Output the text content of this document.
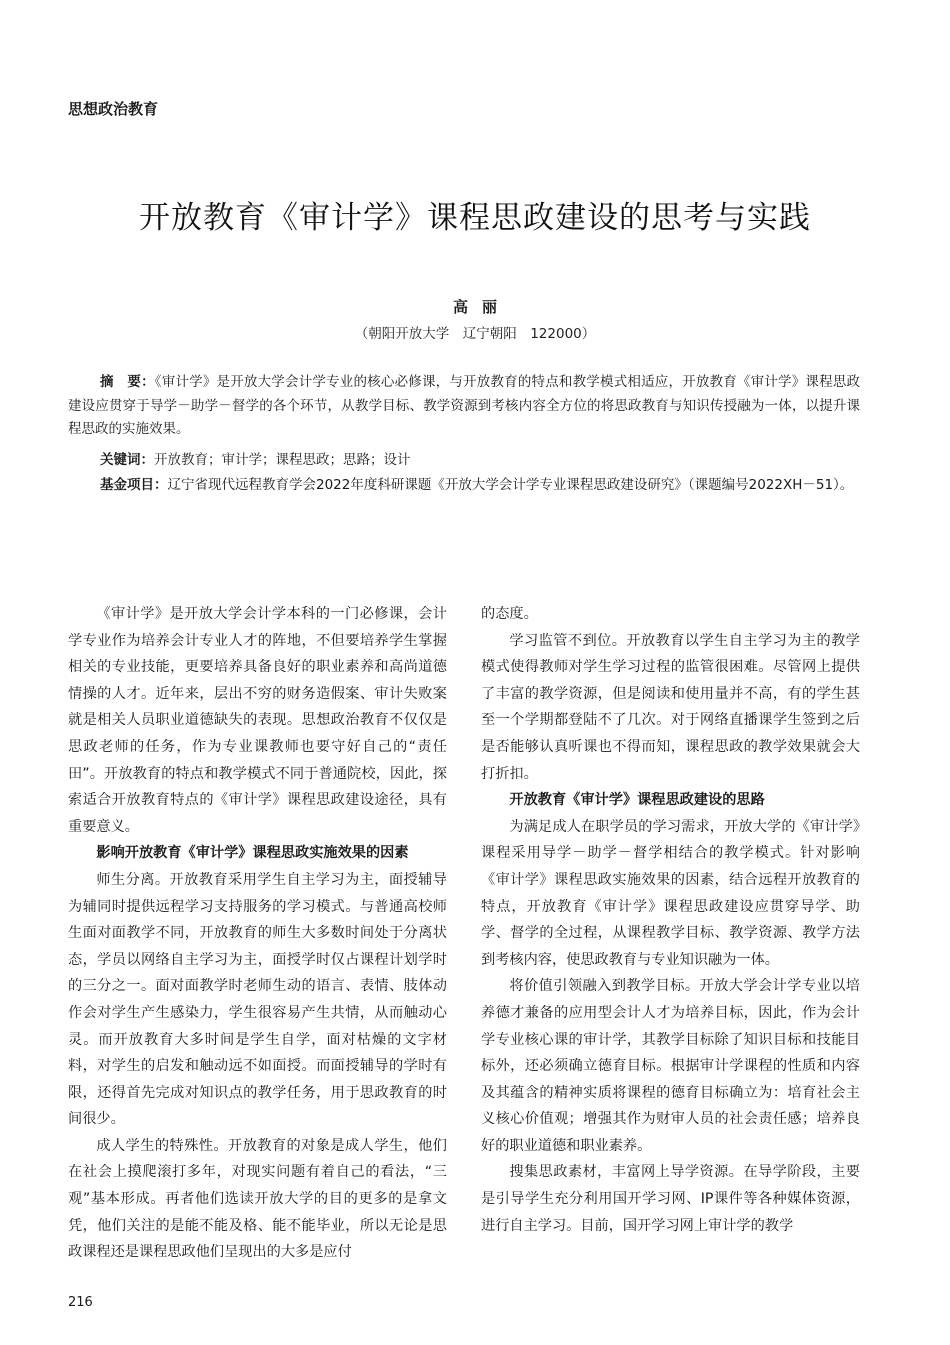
思想政治教育
开放教育《审计学》课程思政建设的思考与实践
高丽
（朝阳开放大学　辽宁朝阳　122000）
摘　要：《审计学》是开放大学会计学专业的核心必修课，与开放教育的特点和教学模式相适应，开放教育《审计学》课程思政建设应贯穿于导学－助学－督学的各个环节，从教学目标、教学资源到考核内容全方位的将思政教育与知识传授融为一体，以提升课程思政的实施效果。
关键词：开放教育；审计学；课程思政；思路；设计
基金项目：辽宁省现代远程教育学会2022年度科研课题《开放大学会计学专业课程思政建设研究》（课题编号2022XH－51）。

《审计学》是开放大学会计学本科的一门必修课，会计学专业作为培养会计专业人才的阵地，不但要培养学生掌握相关的专业技能，更要培养具备良好的职业素养和高尚道德情操的人才。近年来，层出不穷的财务造假案、审计失败案就是相关人员职业道德缺失的表现。思想政治教育不仅仅是思政老师的任务，作为专业课教师也要守好自己的“责任田”。开放教育的特点和教学模式不同于普通院校，因此，探索适合开放教育特点的《审计学》课程思政建设途径，具有重要意义。

影响开放教育《审计学》课程思政实施效果的因素

师生分离。开放教育采用学生自主学习为主，面授辅导为辅同时提供远程学习支持服务的学习模式。与普通高校师生面对面教学不同，开放教育的师生大多数时间处于分离状态，学员以网络自主学习为主，面授学时仅占课程计划学时的三分之一。面对面教学时老师生动的语言、表情、肢体动作会对学生产生感染力，学生很容易产生共情，从而触动心灵。而开放教育大多时间是学生自学，面对枯燥的文字材料，对学生的启发和触动远不如面授。而面授辅导的学时有限，还得首先完成对知识点的教学任务，用于思政教育的时间很少。

成人学生的特殊性。开放教育的对象是成人学生，他们在社会上摸爬滚打多年，对现实问题有着自己的看法，“三观”基本形成。再者他们选读开放大学的目的更多的是拿文凭，他们关注的是能不能及格、能不能毕业，所以无论是思政课程还是课程思政他们呈现出的大多是应付

的态度。

学习监管不到位。开放教育以学生自主学习为主的教学模式使得教师对学生学习过程的监管很困难。尽管网上提供了丰富的教学资源，但是阅读和使用量并不高，有的学生甚至一个学期都登陆不了几次。对于网络直播课学生签到之后是否能够认真听课也不得而知，课程思政的教学效果就会大打折扣。

开放教育《审计学》课程思政建设的思路

为满足成人在职学员的学习需求，开放大学的《审计学》课程采用导学－助学－督学相结合的教学模式。针对影响《审计学》课程思政实施效果的因素，结合远程开放教育的特点，开放教育《审计学》课程思政建设应贯穿导学、助学、督学的全过程，从课程教学目标、教学资源、教学方法到考核内容，使思政教育与专业知识融为一体。

将价值引领融入到教学目标。开放大学会计学专业以培养德才兼备的应用型会计人才为培养目标，因此，作为会计学专业核心课的审计学，其教学目标除了知识目标和技能目标外，还必须确立德育目标。根据审计学课程的性质和内容及其蕴含的精神实质将课程的德育目标确立为：培育社会主义核心价值观；增强其作为财审人员的社会责任感；培养良好的职业道德和职业素养。

搜集思政素材，丰富网上导学资源。在导学阶段，主要是引导学生充分利用国开学习网、IP课件等各种媒体资源，进行自主学习。目前，国开学习网上审计学的教学

216
